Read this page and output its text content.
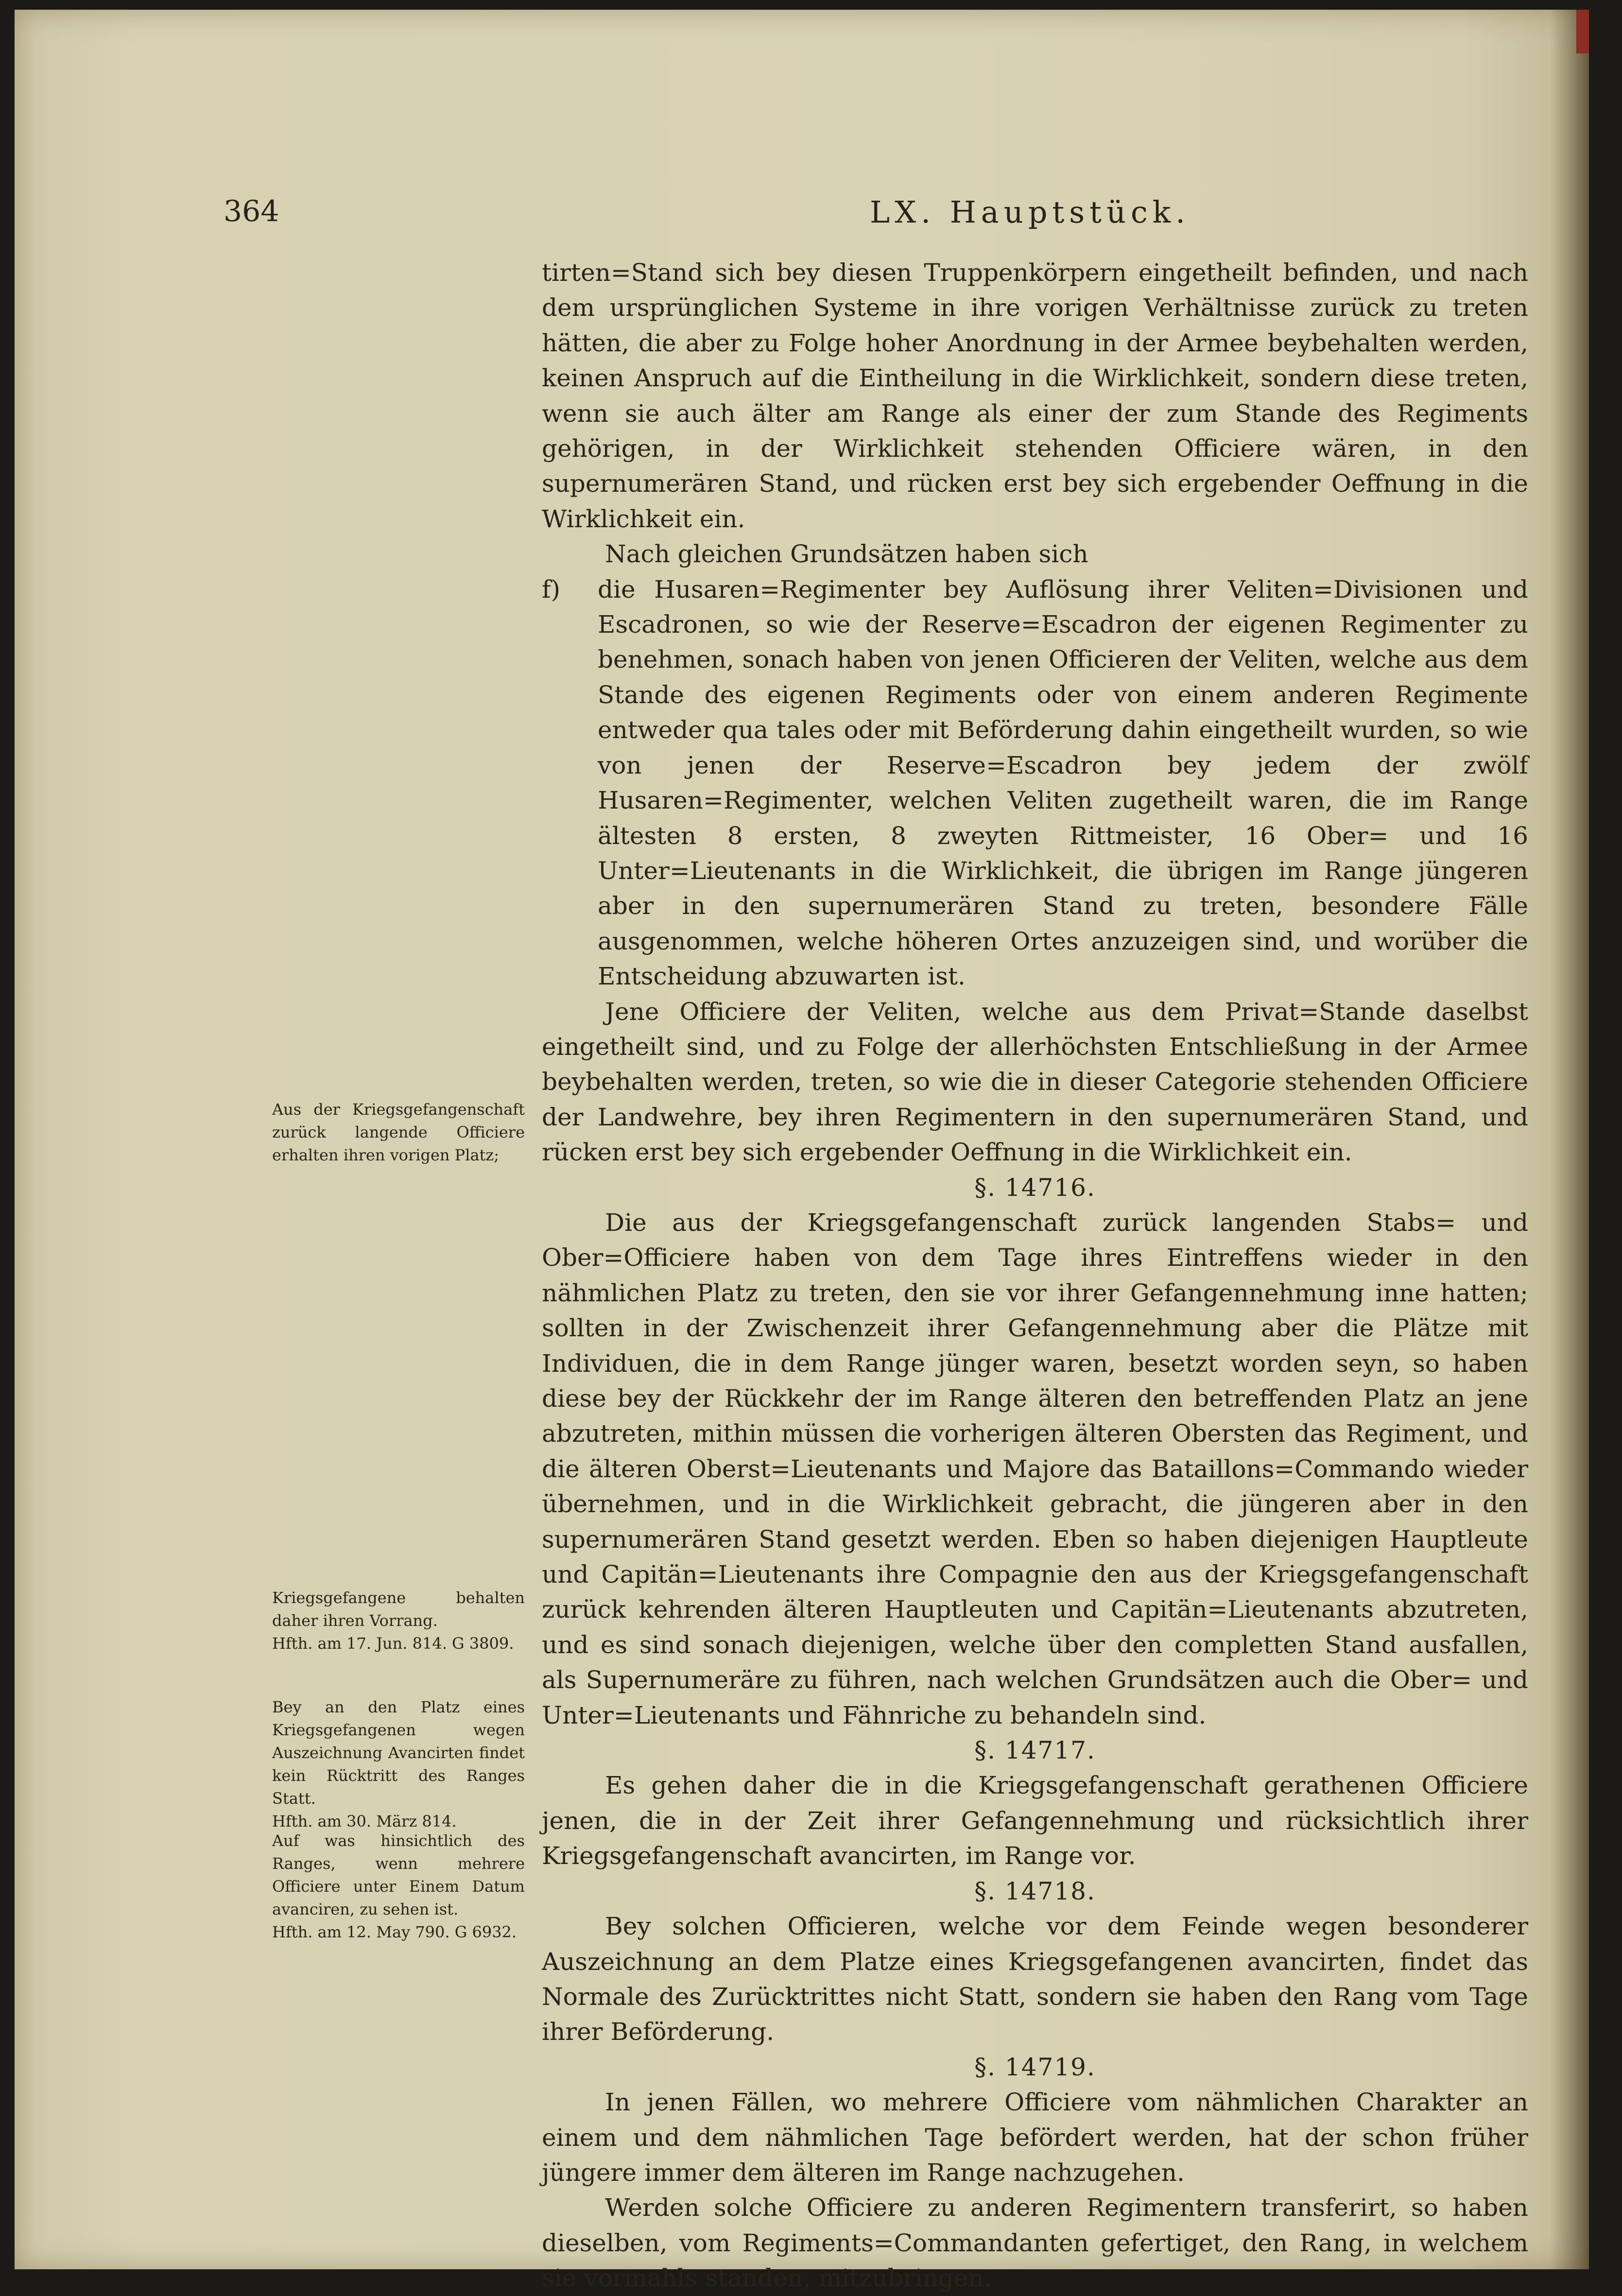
364	LX. Hauptstück.

tirten=Stand sich bey diesen Truppenkörpern eingetheilt befinden, und nach dem ursprünglichen Systeme in ihre vorigen Verhältnisse zurück zu treten hätten, die aber zu Folge hoher Anordnung in der Armee beybehalten werden, keinen Anspruch auf die Eintheilung in die Wirklichkeit, sondern diese treten, wenn sie auch älter am Range als einer der zum Stande des Regiments gehörigen, in der Wirklichkeit stehenden Officiere wären, in den supernumerären Stand, und rücken erst bey sich ergebender Oeffnung in die Wirklichkeit ein.

Nach gleichen Grundsätzen haben sich

f) die Husaren=Regimenter bey Auflösung ihrer Veliten=Divisionen und Escadronen, so wie der Reserve=Escadron der eigenen Regimenter zu benehmen, sonach haben von jenen Officieren der Veliten, welche aus dem Stande des eigenen Regiments oder von einem anderen Regimente entweder qua tales oder mit Beförderung dahin eingetheilt wurden, so wie von jenen der Reserve=Escadron bey jedem der zwölf Husaren=Regimenter, welchen Veliten zugetheilt waren, die im Range ältesten 8 ersten, 8 zweyten Rittmeister, 16 Ober= und 16 Unter=Lieutenants in die Wirklichkeit, die übrigen im Range jüngeren aber in den supernumerären Stand zu treten, besondere Fälle ausgenommen, welche höheren Ortes anzuzeigen sind, und worüber die Entscheidung abzuwarten ist.

Jene Officiere der Veliten, welche aus dem Privat=Stande daselbst eingetheilt sind, und zu Folge der allerhöchsten Entschließung in der Armee beybehalten werden, treten, so wie die in dieser Categorie stehenden Officiere der Landwehre, bey ihren Regimentern in den supernumerären Stand, und rücken erst bey sich ergebender Oeffnung in die Wirklichkeit ein.

§. 14716.

Die aus der Kriegsgefangenschaft zurück langenden Stabs= und Ober=Officiere haben von dem Tage ihres Eintreffens wieder in den nähmlichen Platz zu treten, den sie vor ihrer Gefangennehmung inne hatten; sollten in der Zwischenzeit ihrer Gefangennehmung aber die Plätze mit Individuen, die in dem Range jünger waren, besetzt worden seyn, so haben diese bey der Rückkehr der im Range älteren den betreffenden Platz an jene abzutreten, mithin müssen die vorherigen älteren Obersten das Regiment, und die älteren Oberst=Lieutenants und Majore das Bataillons=Commando wieder übernehmen, und in die Wirklichkeit gebracht, die jüngeren aber in den supernumerären Stand gesetzt werden. Eben so haben diejenigen Hauptleute und Capitän=Lieutenants ihre Compagnie den aus der Kriegsgefangenschaft zurück kehrenden älteren Hauptleuten und Capitän=Lieutenants abzutreten, und es sind sonach diejenigen, welche über den completten Stand ausfallen, als Supernumeräre zu führen, nach welchen Grundsätzen auch die Ober= und Unter=Lieutenants und Fähnriche zu behandeln sind.

§. 14717.

Es gehen daher die in die Kriegsgefangenschaft gerathenen Officiere jenen, die in der Zeit ihrer Gefangennehmung und rücksichtlich ihrer Kriegsgefangenschaft avancirten, im Range vor.

§. 14718.

Bey solchen Officieren, welche vor dem Feinde wegen besonderer Auszeichnung an dem Platze eines Kriegsgefangenen avancirten, findet das Normale des Zurücktrittes nicht Statt, sondern sie haben den Rang vom Tage ihrer Beförderung.

§. 14719.

In jenen Fällen, wo mehrere Officiere vom nähmlichen Charakter an einem und dem nähmlichen Tage befördert werden, hat der schon früher jüngere immer dem älteren im Range nachzugehen.

Werden solche Officiere zu anderen Regimentern transferirt, so haben dieselben, vom Regiments=Commandanten gefertiget, den Rang, in welchem sie vormahls standen, mitzubringen.

Aus der Kriegsgefangenschaft zurück langende Officiere erhalten ihren vorigen Platz;

Kriegsgefangene behalten daher ihren Vorrang.

Hfth. am 17. Jun. 814. G 3809.

Bey an den Platz eines Kriegsgefangenen wegen Auszeichnung Avancirten findet kein Rücktritt des Ranges Statt.

Hfth. am 30. März 814.

Auf was hinsichtlich des Ranges, wenn mehrere Officiere unter Einem Datum avanciren, zu sehen ist.

Hfth. am 12. May 790. G 6932.
